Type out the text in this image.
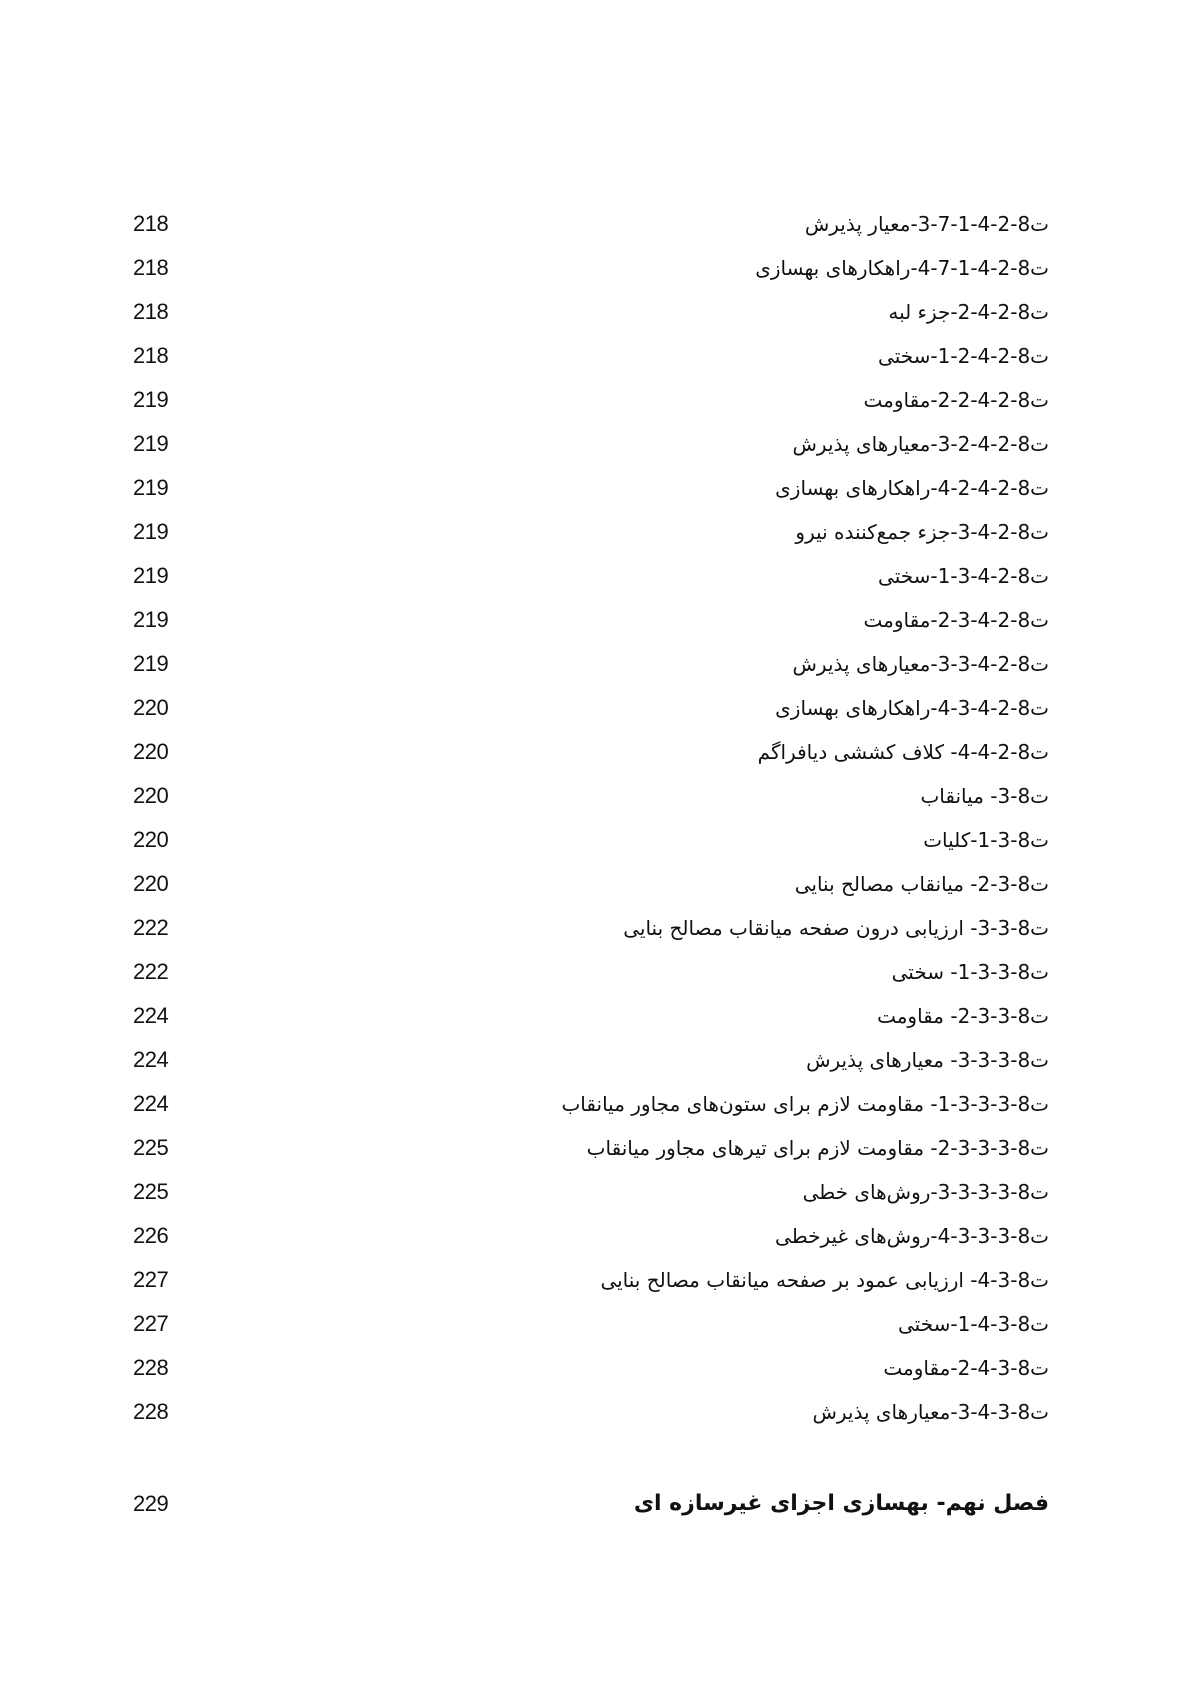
ت8-2-4-1-7-3-معیار پذیرش
218
ت8-2-4-1-7-4-راهکارهای بهسازی
218
ت8-2-4-2-جزء لبه
218
ت8-2-4-2-1-سختی
218
ت8-2-4-2-2-مقاومت
219
ت8-2-4-2-3-معیارهای پذیرش
219
ت8-2-4-2-4-راهکارهای بهسازی
219
ت8-2-4-3-جزء جمع‌کننده نیرو
219
ت8-2-4-3-1-سختی
219
ت8-2-4-3-2-مقاومت
219
ت8-2-4-3-3-معیارهای پذیرش
219
ت8-2-4-3-4-راهکارهای بهسازی
220
ت8-2-4-4- کلاف کششی دیافراگم
220
ت8-3- میانقاب
220
ت8-3-1-کلیات
220
ت8-3-2- میانقاب مصالح بنایی
220
ت8-3-3- ارزیابی درون صفحه میانقاب مصالح بنایی
222
ت8-3-3-1- سختی
222
ت8-3-3-2- مقاومت
224
ت8-3-3-3- معیارهای پذیرش
224
ت8-3-3-3-1- مقاومت لازم برای ستون‌های مجاور میانقاب
224
ت8-3-3-3-2- مقاومت لازم برای تیرهای مجاور میانقاب
225
ت8-3-3-3-3-روش‌های خطی
225
ت8-3-3-3-4-روش‌های غیرخطی
226
ت8-3-4- ارزیابی عمود بر صفحه میانقاب مصالح بنایی
227
ت8-3-4-1-سختی
227
ت8-3-4-2-مقاومت
228
ت8-3-4-3-معیارهای پذیرش
228
فصل نهم- بهسازی اجزای غیرسازه ای
229
